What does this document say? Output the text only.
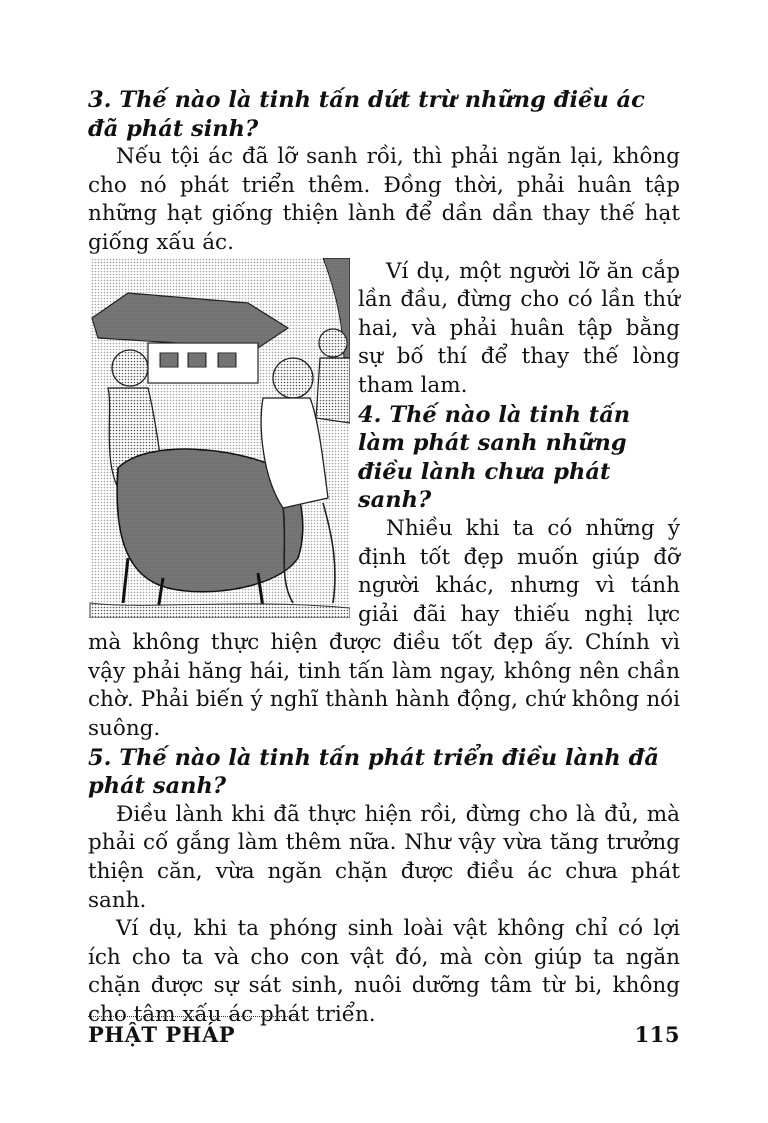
3. Thế nào là tinh tấn dứt trừ những điều ác đã phát sinh?

Nếu tội ác đã lỡ sanh rồi, thì phải ngăn lại, không cho nó phát triển thêm. Đồng thời, phải huân tập những hạt giống thiện lành để dần dần thay thế hạt giống xấu ác.

Ví dụ, một người lỡ ăn cắp lần đầu, đừng cho có lần thứ hai, và phải huân tập bằng sự bố thí để thay thế lòng tham lam.

4. Thế nào là tinh tấn làm phát sanh những điều lành chưa phát sanh?

Nhiều khi ta có những ý định tốt đẹp muốn giúp đỡ người khác, nhưng vì tánh giải đãi hay thiếu nghị lực mà không thực hiện được điều tốt đẹp ấy. Chính vì vậy phải hăng hái, tinh tấn làm ngay, không nên chần chờ. Phải biến ý nghĩ thành hành động, chứ không nói suông.

5. Thế nào là tinh tấn phát triển điều lành đã phát sanh?

Điều lành khi đã thực hiện rồi, đừng cho là đủ, mà phải cố gắng làm thêm nữa. Như vậy vừa tăng trưởng thiện căn, vừa ngăn chặn được điều ác chưa phát sanh.

Ví dụ, khi ta phóng sinh loài vật không chỉ có lợi ích cho ta và cho con vật đó, mà còn giúp ta ngăn chặn được sự sát sinh, nuôi dưỡng tâm từ bi, không cho tâm xấu ác phát triển.

PHẬT PHÁP	115
